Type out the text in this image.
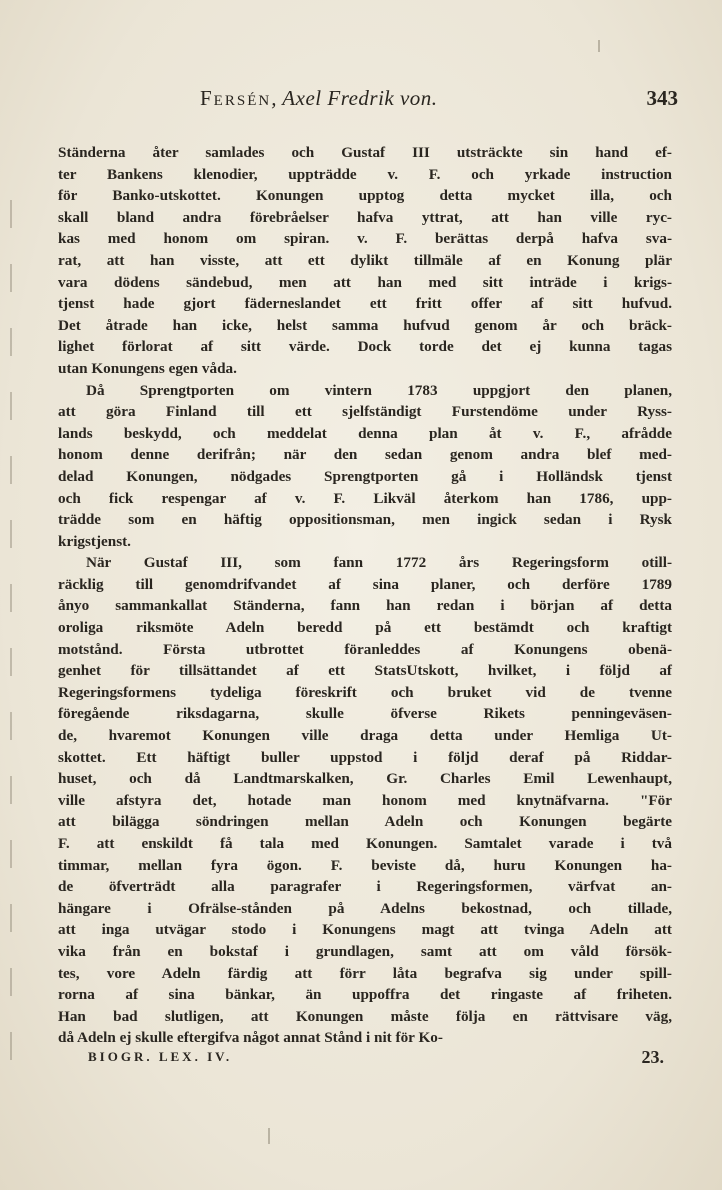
Fersén, Axel Fredrik von.	343
Ständerna åter samlades och Gustaf III utsträckte sin hand ef-
ter Bankens klenodier, uppträdde v. F. och yrkade instruction
för Banko-utskottet. Konungen upptog detta mycket illa, och
skall bland andra förebråelser hafva yttrat, att han ville ryc-
kas med honom om spiran. v. F. berättas derpå hafva sva-
rat, att han visste, att ett dylikt tillmäle af en Konung plär
vara dödens sändebud, men att han med sitt inträde i krigs-
tjenst hade gjort fäderneslandet ett fritt offer af sitt hufvud.
Det åtrade han icke, helst samma hufvud genom år och bräck-
lighet förlorat af sitt värde. Dock torde det ej kunna tagas
utan Konungens egen våda.
Då Sprengtporten om vintern 1783 uppgjort den planen,
att göra Finland till ett sjelfständigt Furstendöme under Ryss-
lands beskydd, och meddelat denna plan åt v. F., afrådde
honom denne derifrån; när den sedan genom andra blef med-
delad Konungen, nödgades Sprengtporten gå i Holländsk tjenst
och fick respengar af v. F. Likväl återkom han 1786, upp-
trädde som en häftig oppositionsman, men ingick sedan i Rysk
krigstjenst.
När Gustaf III, som fann 1772 års Regeringsform otill-
räcklig till genomdrifvandet af sina planer, och derföre 1789
ånyo sammankallat Ständerna, fann han redan i början af detta
oroliga riksmöte Adeln beredd på ett bestämdt och kraftigt
motstånd. Första utbrottet föranleddes af Konungens obenä-
genhet för tillsättandet af ett StatsUtskott, hvilket, i följd af
Regeringsformens tydeliga föreskrift och bruket vid de tvenne
föregående riksdagarna, skulle öfverse Rikets penningeväsen-
de, hvaremot Konungen ville draga detta under Hemliga Ut-
skottet. Ett häftigt buller uppstod i följd deraf på Riddar-
huset, och då Landtmarskalken, Gr. Charles Emil Lewenhaupt,
ville afstyra det, hotade man honom med knytnäfvarna. "För
att bilägga söndringen mellan Adeln och Konungen begärte
F. att enskildt få tala med Konungen. Samtalet varade i två
timmar, mellan fyra ögon. F. beviste då, huru Konungen ha-
de öfverträdt alla paragrafer i Regeringsformen, värfvat an-
hängare i Ofrälse-stånden på Adelns bekostnad, och tillade,
att inga utvägar stodo i Konungens magt att tvinga Adeln att
vika från en bokstaf i grundlagen, samt att om våld försök-
tes, vore Adeln färdig att förr låta begrafva sig under spill-
rorna af sina bänkar, än uppoffra det ringaste af friheten.
Han bad slutligen, att Konungen måste följa en rättvisare väg,
då Adeln ej skulle eftergifva något annat Stånd i nit för Ko-
BIOGR. LEX. IV.	23.
